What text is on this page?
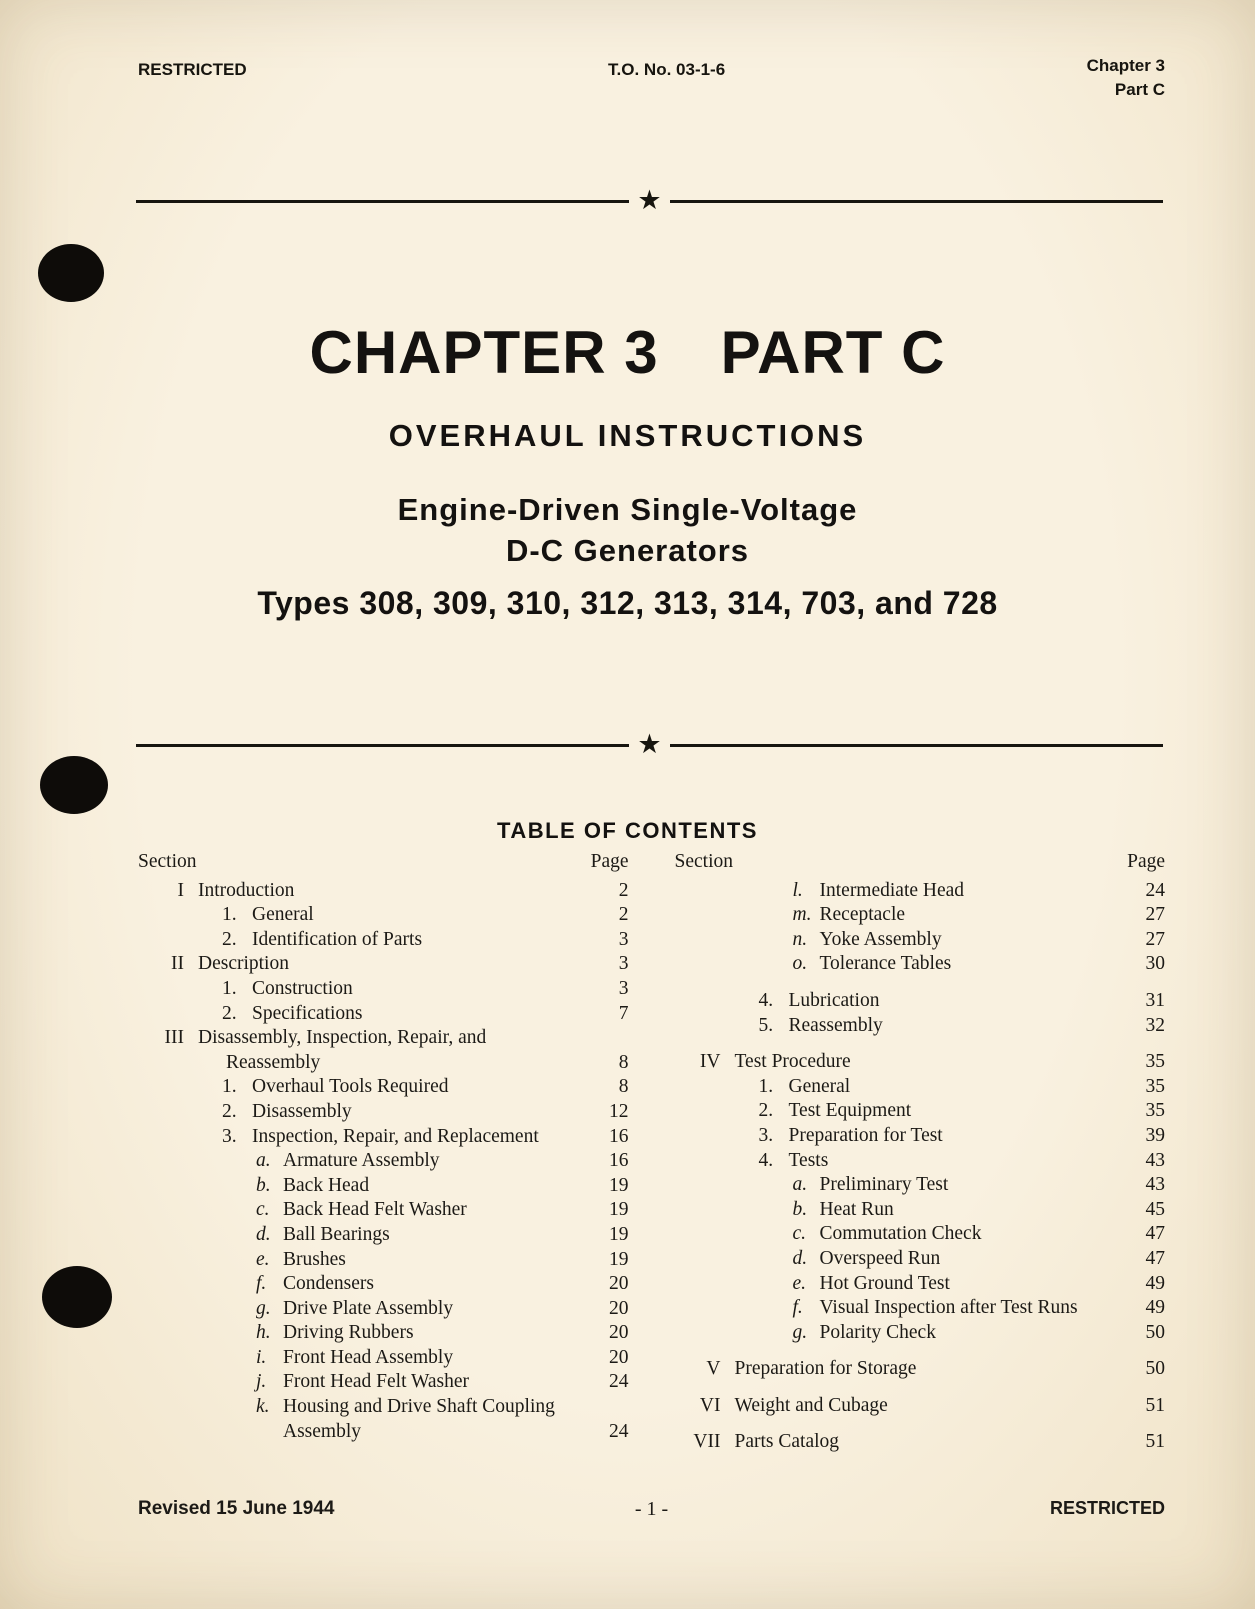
RESTRICTED	T.O. No. 03-1-6	Chapter 3
Part C
★
CHAPTER 3 PART C
OVERHAUL INSTRUCTIONS
Engine-Driven Single-Voltage
D-C Generators
Types 308, 309, 310, 312, 313, 314, 703, and 728
★
TABLE OF CONTENTS
Section	Page
I Introduction	2
1. General	2
2. Identification of Parts	3
II Description	3
1. Construction	3
2. Specifications	7
III Disassembly, Inspection, Repair, and
Reassembly	8
1. Overhaul Tools Required	8
2. Disassembly	12
3. Inspection, Repair, and Replacement	16
a. Armature Assembly	16
b. Back Head	19
c. Back Head Felt Washer	19
d. Ball Bearings	19
e. Brushes	19
f. Condensers	20
g. Drive Plate Assembly	20
h. Driving Rubbers	20
i. Front Head Assembly	20
j. Front Head Felt Washer	24
k. Housing and Drive Shaft Coupling
Assembly	24
Section	Page
l. Intermediate Head	24
m. Receptacle	27
n. Yoke Assembly	27
o. Tolerance Tables	30
4. Lubrication	31
5. Reassembly	32
IV Test Procedure	35
1. General	35
2. Test Equipment	35
3. Preparation for Test	39
4. Tests	43
a. Preliminary Test	43
b. Heat Run	45
c. Commutation Check	47
d. Overspeed Run	47
e. Hot Ground Test	49
f. Visual Inspection after Test Runs	49
g. Polarity Check	50
V Preparation for Storage	50
VI Weight and Cubage	51
VII Parts Catalog	51
Revised 15 June 1944	- 1 -	RESTRICTED
